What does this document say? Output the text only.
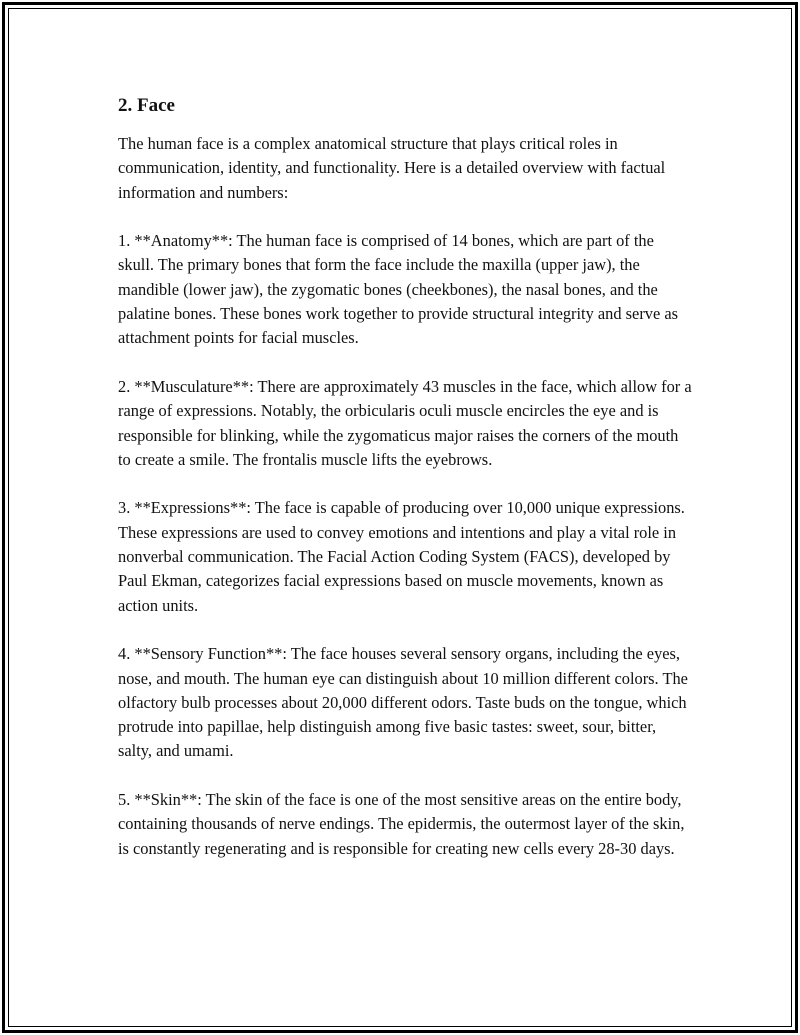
2. Face

The human face is a complex anatomical structure that plays critical roles in communication, identity, and functionality. Here is a detailed overview with factual information and numbers:

1. **Anatomy**: The human face is comprised of 14 bones, which are part of the skull. The primary bones that form the face include the maxilla (upper jaw), the mandible (lower jaw), the zygomatic bones (cheekbones), the nasal bones, and the palatine bones. These bones work together to provide structural integrity and serve as attachment points for facial muscles.

2. **Musculature**: There are approximately 43 muscles in the face, which allow for a range of expressions. Notably, the orbicularis oculi muscle encircles the eye and is responsible for blinking, while the zygomaticus major raises the corners of the mouth to create a smile. The frontalis muscle lifts the eyebrows.

3. **Expressions**: The face is capable of producing over 10,000 unique expressions. These expressions are used to convey emotions and intentions and play a vital role in nonverbal communication. The Facial Action Coding System (FACS), developed by Paul Ekman, categorizes facial expressions based on muscle movements, known as action units.

4. **Sensory Function**: The face houses several sensory organs, including the eyes, nose, and mouth. The human eye can distinguish about 10 million different colors. The olfactory bulb processes about 20,000 different odors. Taste buds on the tongue, which protrude into papillae, help distinguish among five basic tastes: sweet, sour, bitter, salty, and umami.

5. **Skin**: The skin of the face is one of the most sensitive areas on the entire body, containing thousands of nerve endings. The epidermis, the outermost layer of the skin, is constantly regenerating and is responsible for creating new cells every 28-30 days.
